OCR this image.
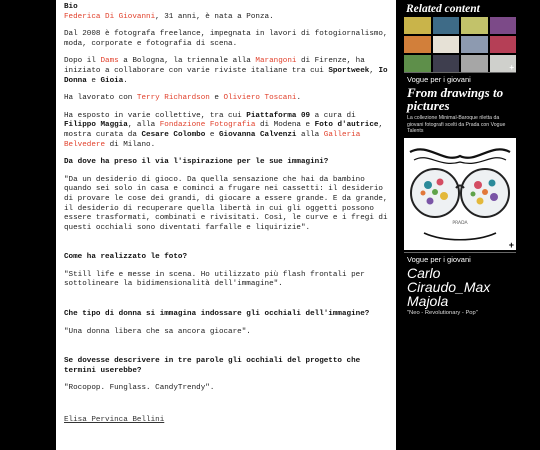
Bio
Federica Di Giovanni, 31 anni, è nata a Ponza.

Dal 2008 è fotografa freelance, impegnata in lavori di fotogiornalismo, moda, corporate e fotografia di scena.

Dopo il Dams a Bologna, la triennale alla Marangoni di Firenze, ha iniziato a collaborare con varie riviste italiane tra cui Sportweek, Io Donna e Gioia.

Ha lavorato con Terry Richardson e Oliviero Toscani.

Ha esposto in varie collettive, tra cui Piattaforma 09 a cura di Filippo Maggia, alla Fondazione Fotografia di Modena e Foto d'autrice, mostra curata da Cesare Colombo e Giovanna Calvenzi alla Galleria Belvedere di Milano.

Da dove ha preso il via l'ispirazione per le sue immagini?

"Da un desiderio di gioco. Da quella sensazione che hai da bambino quando sei solo in casa e cominci a frugare nei cassetti: il desiderio di provare le cose dei grandi, di giocare a essere grande. E da grande, il desiderio di recuperare quella libertà in cui gli oggetti possono essere trasformati, combinati e rivisitati. Così, le curve e i fregi di questi occhiali sono diventati farfalle e liquirizie".

Come ha realizzato le foto?

"Still life e messe in scena. Ho utilizzato più flash frontali per sottolineare la bidimensionalità dell'immagine".

Che tipo di donna si immagina indossare gli occhiali dell'immagine?

"Una donna libera che sa ancora giocare".

Se dovesse descrivere in tre parole gli occhiali del progetto che termini userebbe?

"Rocopop. Funglass. CandyTrendy".

Elisa Pervinca Bellini

Related content
+
Vogue per i giovani
From drawings to pictures
La collezione Minimal-Baroque riletta da giovani fotografi scelti da Prada con Vogue Talents
PRADA
+
Vogue per i giovani
Carlo Ciraudo_Max Majola
"Neo - Revolutionary - Pop"
